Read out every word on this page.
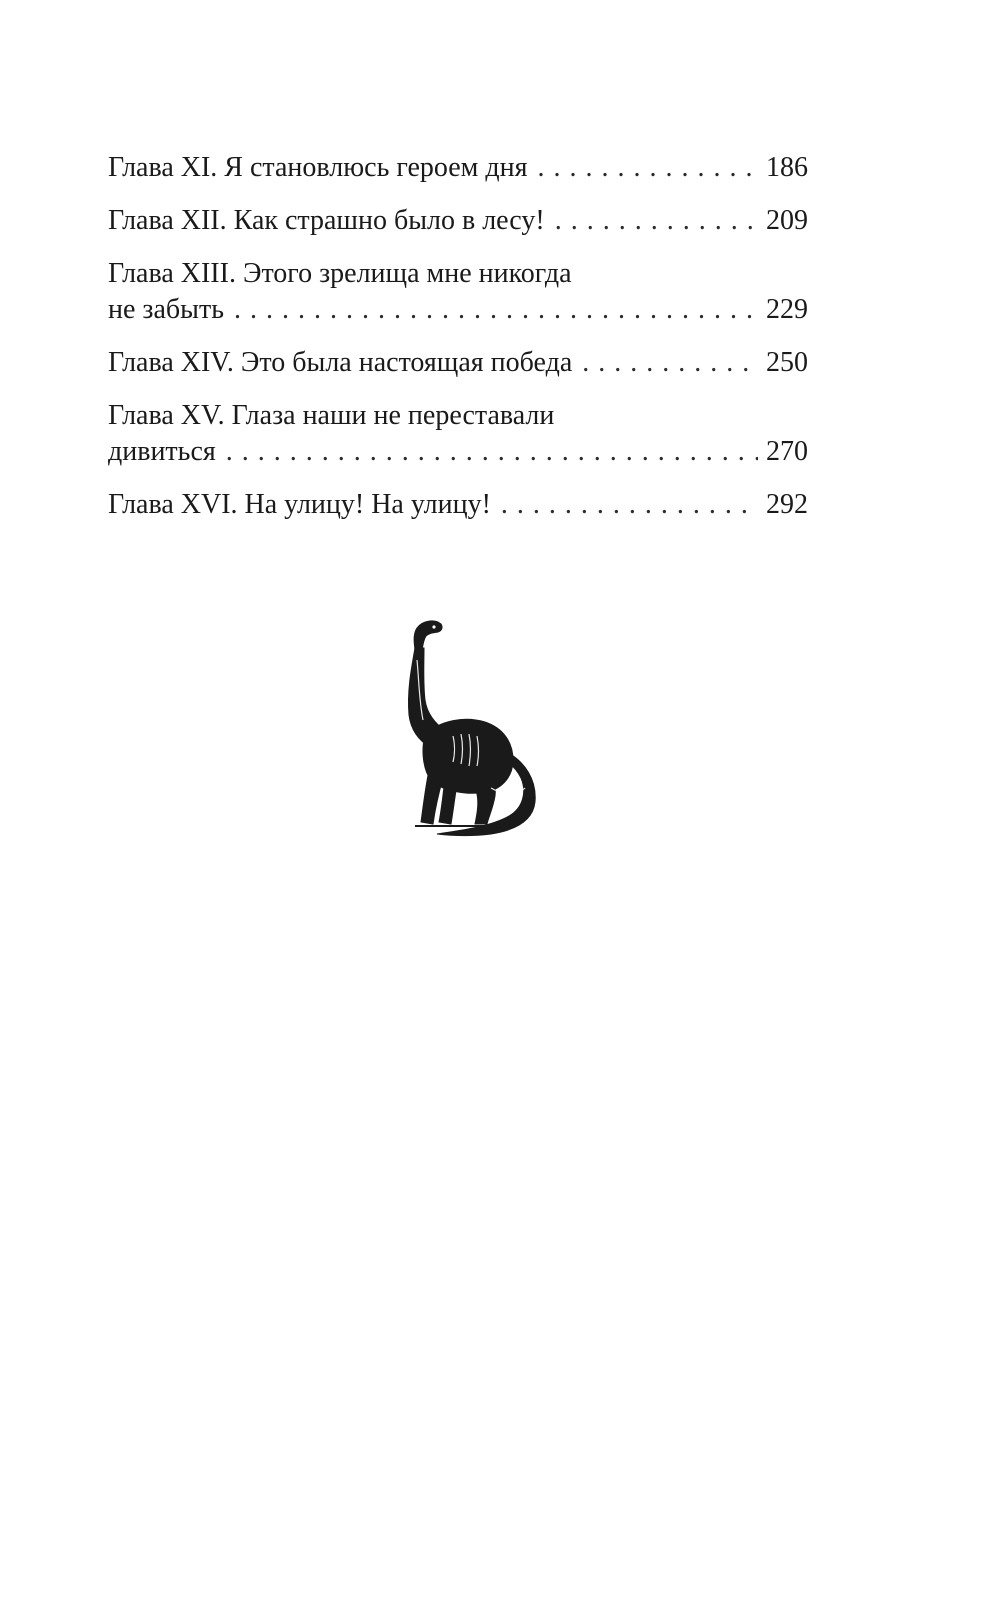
Глава XI. Я становлюсь героем дня . . .	186
Глава XII. Как страшно было в лесу! . . .	209
Глава XIII. Этого зрелища мне никогда
не забыть . . .	229
Глава XIV. Это была настоящая победа . . .	250
Глава XV. Глаза наши не переставали
дивиться . . .	270
Глава XVI. На улицу! На улицу! . . .	292
